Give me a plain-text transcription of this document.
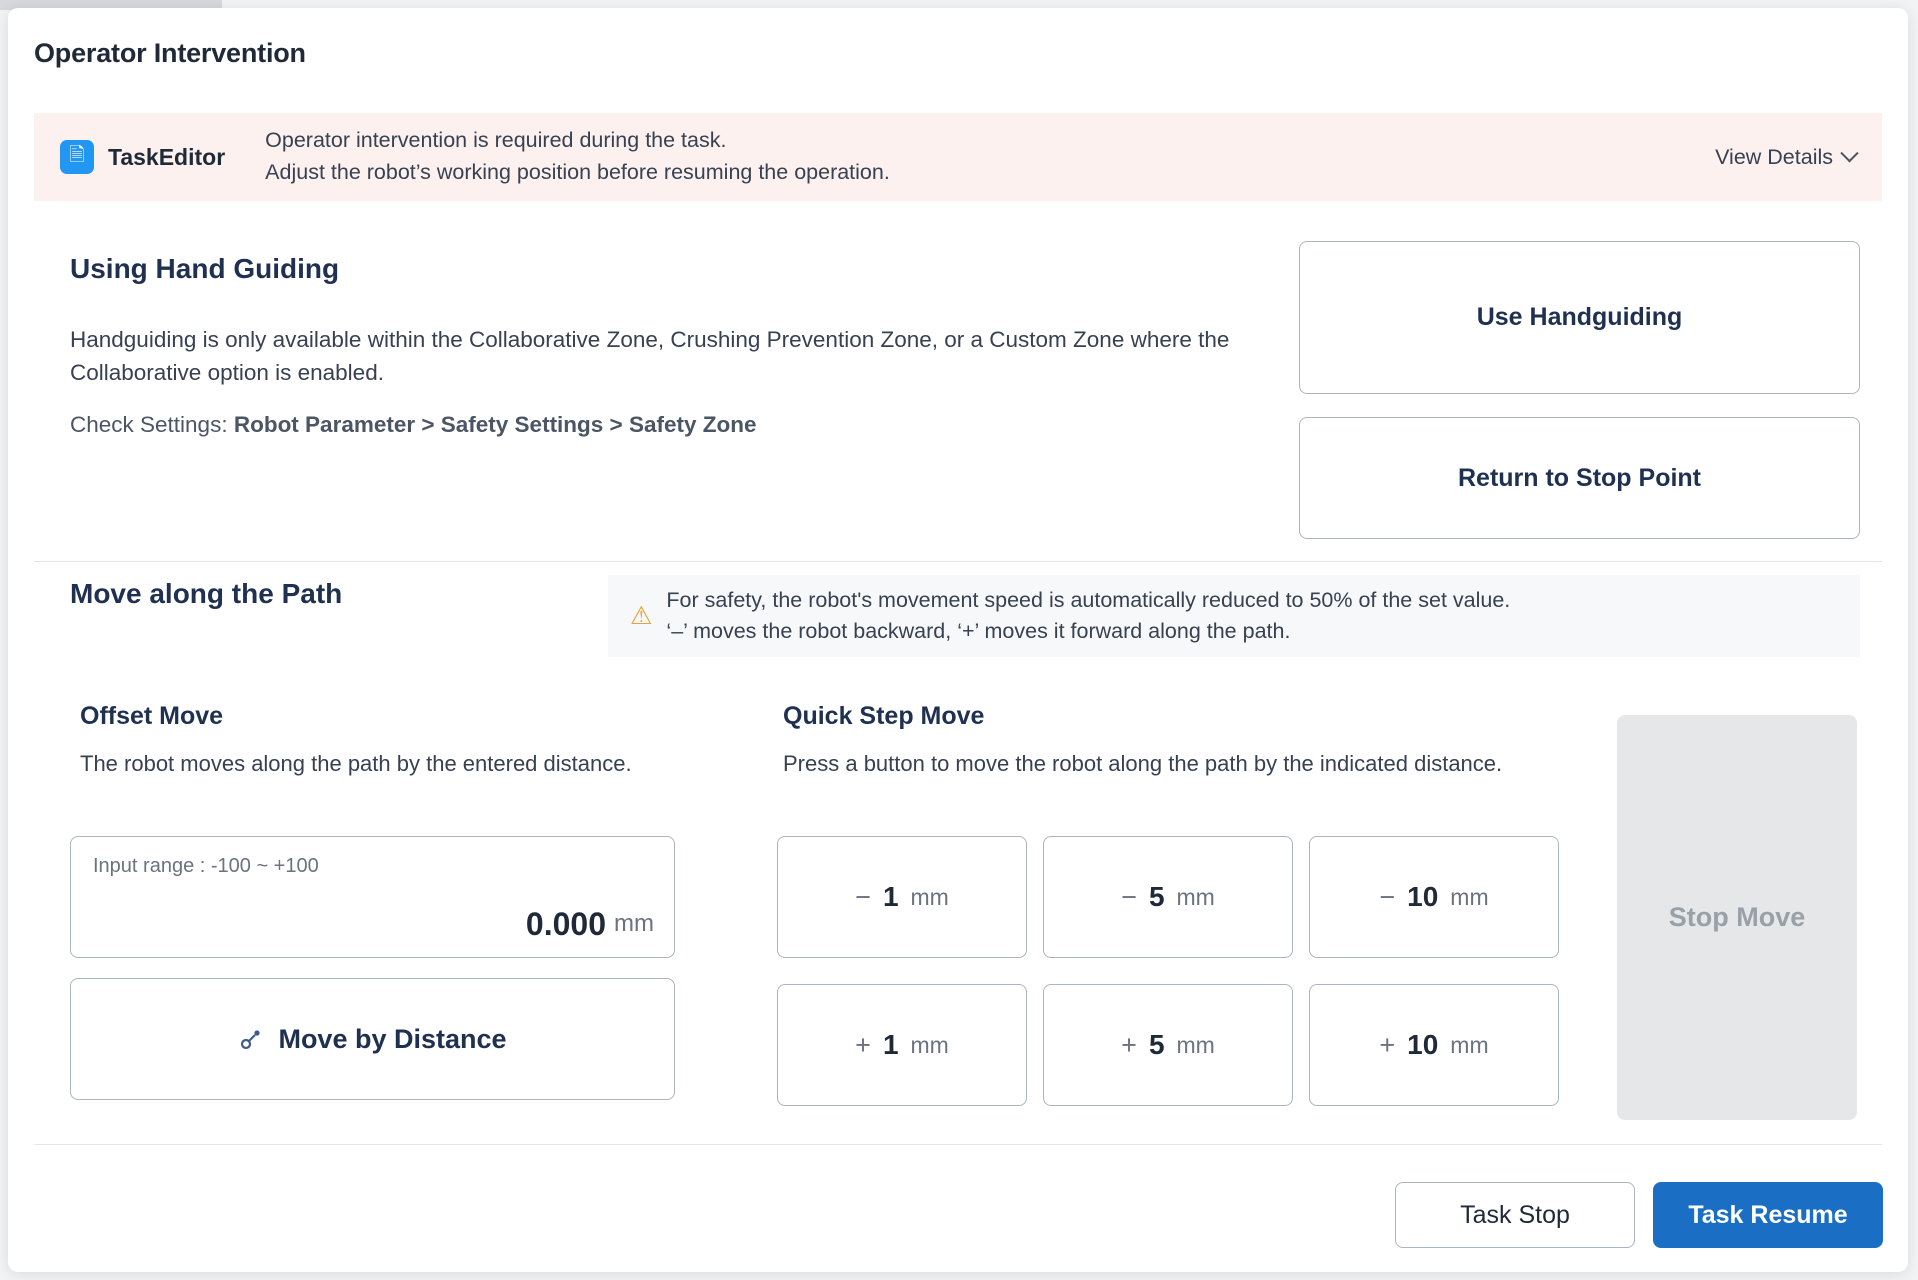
Operator Intervention
🗎	TaskEditor
Operator intervention is required during the task.
Adjust the robot’s working position before resuming the operation.
View Details
Using Hand Guiding
Handguiding is only available within the Collaborative Zone, Crushing Prevention Zone, or a Custom Zone where the Collaborative option is enabled.
Check Settings: Robot Parameter > Safety Settings > Safety Zone
Use Handguiding
Return to Stop Point
Move along the Path
⚠
For safety, the robot's movement speed is automatically reduced to 50% of the set value.
‘–’ moves the robot backward, ‘+’ moves it forward along the path.
Offset Move
The robot moves along the path by the entered distance.
Input range : -100 ~ +100
0.000 mm
Move by Distance
Quick Step Move
Press a button to move the robot along the path by the indicated distance.
− 1 mm	− 5 mm	− 10 mm
+ 1 mm	+ 5 mm	+ 10 mm
Stop Move
Task Stop	Task Resume
